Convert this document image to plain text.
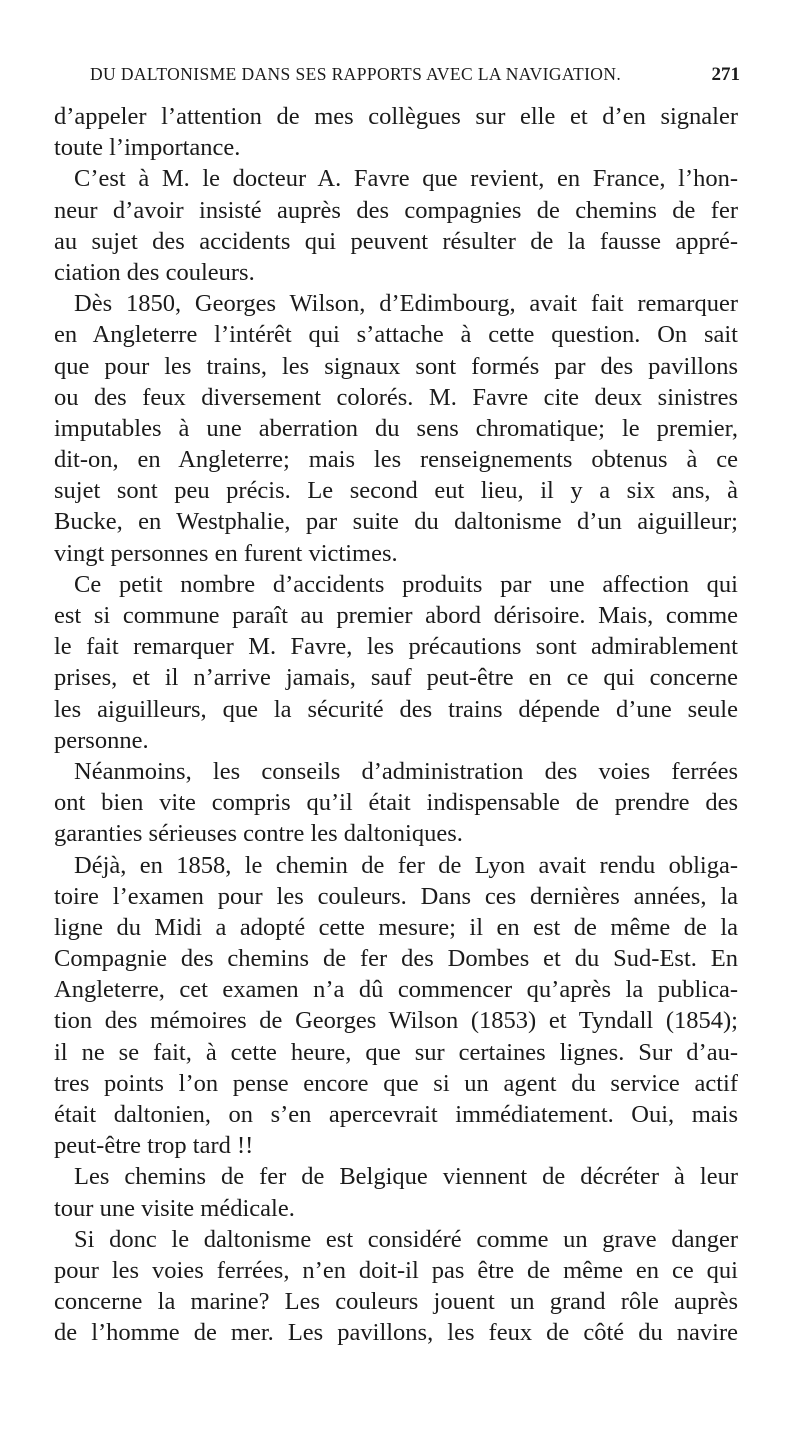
DU DALTONISME DANS SES RAPPORTS AVEC LA NAVIGATION.	271
d’appeler l’attention de mes collègues sur elle et d’en signaler
toute l’importance.
C’est à M. le docteur A. Favre que revient, en France, l’hon-
neur d’avoir insisté auprès des compagnies de chemins de fer
au sujet des accidents qui peuvent résulter de la fausse appré-
ciation des couleurs.
Dès 1850, Georges Wilson, d’Edimbourg, avait fait remarquer
en Angleterre l’intérêt qui s’attache à cette question. On sait
que pour les trains, les signaux sont formés par des pavillons
ou des feux diversement colorés. M. Favre cite deux sinistres
imputables à une aberration du sens chromatique; le premier,
dit-on, en Angleterre; mais les renseignements obtenus à ce
sujet sont peu précis. Le second eut lieu, il y a six ans, à
Bucke, en Westphalie, par suite du daltonisme d’un aiguilleur;
vingt personnes en furent victimes.
Ce petit nombre d’accidents produits par une affection qui
est si commune paraît au premier abord dérisoire. Mais, comme
le fait remarquer M. Favre, les précautions sont admirablement
prises, et il n’arrive jamais, sauf peut-être en ce qui concerne
les aiguilleurs, que la sécurité des trains dépende d’une seule
personne.
Néanmoins, les conseils d’administration des voies ferrées
ont bien vite compris qu’il était indispensable de prendre des
garanties sérieuses contre les daltoniques.
Déjà, en 1858, le chemin de fer de Lyon avait rendu obliga-
toire l’examen pour les couleurs. Dans ces dernières années, la
ligne du Midi a adopté cette mesure; il en est de même de la
Compagnie des chemins de fer des Dombes et du Sud-Est. En
Angleterre, cet examen n’a dû commencer qu’après la publica-
tion des mémoires de Georges Wilson (1853) et Tyndall (1854);
il ne se fait, à cette heure, que sur certaines lignes. Sur d’au-
tres points l’on pense encore que si un agent du service actif
était daltonien, on s’en apercevrait immédiatement. Oui, mais
peut-être trop tard !!
Les chemins de fer de Belgique viennent de décréter à leur
tour une visite médicale.
Si donc le daltonisme est considéré comme un grave danger
pour les voies ferrées, n’en doit-il pas être de même en ce qui
concerne la marine? Les couleurs jouent un grand rôle auprès
de l’homme de mer. Les pavillons, les feux de côté du navire
